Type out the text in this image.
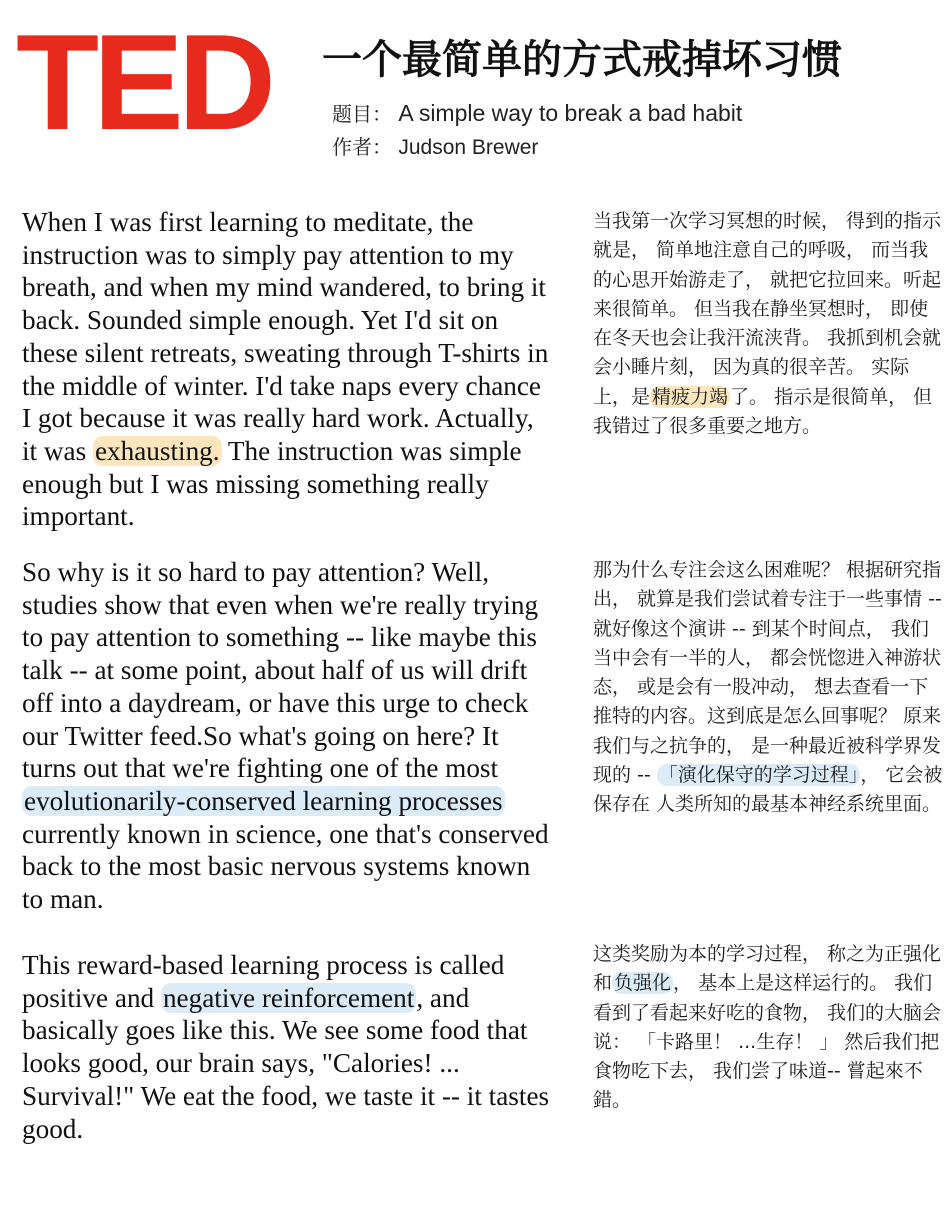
TED	一个最简单的方式戒掉坏习惯
题目： A simple way to break a bad habit
作者： Judson Brewer

When I was first learning to meditate, the instruction was to simply pay attention to my breath, and when my mind wandered, to bring it back. Sounded simple enough. Yet I'd sit on these silent retreats, sweating through T-shirts in the middle of winter. I'd take naps every chance I got because it was really hard work. Actually, it was exhausting. The instruction was simple enough but I was missing something really important.

当我第一次学习冥想的时候， 得到的指示就是， 简单地注意自己的呼吸， 而当我的心思开始游走了， 就把它拉回来。听起来很简单。 但当我在静坐冥想时， 即使在冬天也会让我汗流浃背。 我抓到机会就会小睡片刻， 因为真的很辛苦。 实际上，是 精疲力竭 了。 指示是很简单， 但我错过了很多重要之地方。

So why is it so hard to pay attention? Well, studies show that even when we're really trying to pay attention to something -- like maybe this talk -- at some point, about half of us will drift off into a daydream, or have this urge to check our Twitter feed.So what's going on here? It turns out that we're fighting one of the most evolutionarily-conserved learning processes currently known in science, one that's conserved back to the most basic nervous systems known to man.

那为什么专注会这么困难呢？ 根据研究指出， 就算是我们尝试着专注于一些事情 -- 就好像这个演讲 -- 到某个时间点， 我们当中会有一半的人， 都会恍惚进入神游状态， 或是会有一股冲动， 想去查看一下推特的内容。这到底是怎么回事呢？ 原来我们与之抗争的， 是一种最近被科学界发现的 -- 「演化保守的学习过程」 ， 它会被保存在 人类所知的最基本神经系统里面。

This reward-based learning process is called positive and negative reinforcement, and basically goes like this. We see some food that looks good, our brain says, "Calories! ... Survival!" We eat the food, we taste it -- it tastes good.

这类奖励为本的学习过程， 称之为正强化和 负强化 ， 基本上是这样运行的。 我们看到了看起来好吃的食物， 我们的大脑会说： 「卡路里！ ...生存！ 」 然后我们把食物吃下去， 我们尝了味道-- 嘗起來不錯。
